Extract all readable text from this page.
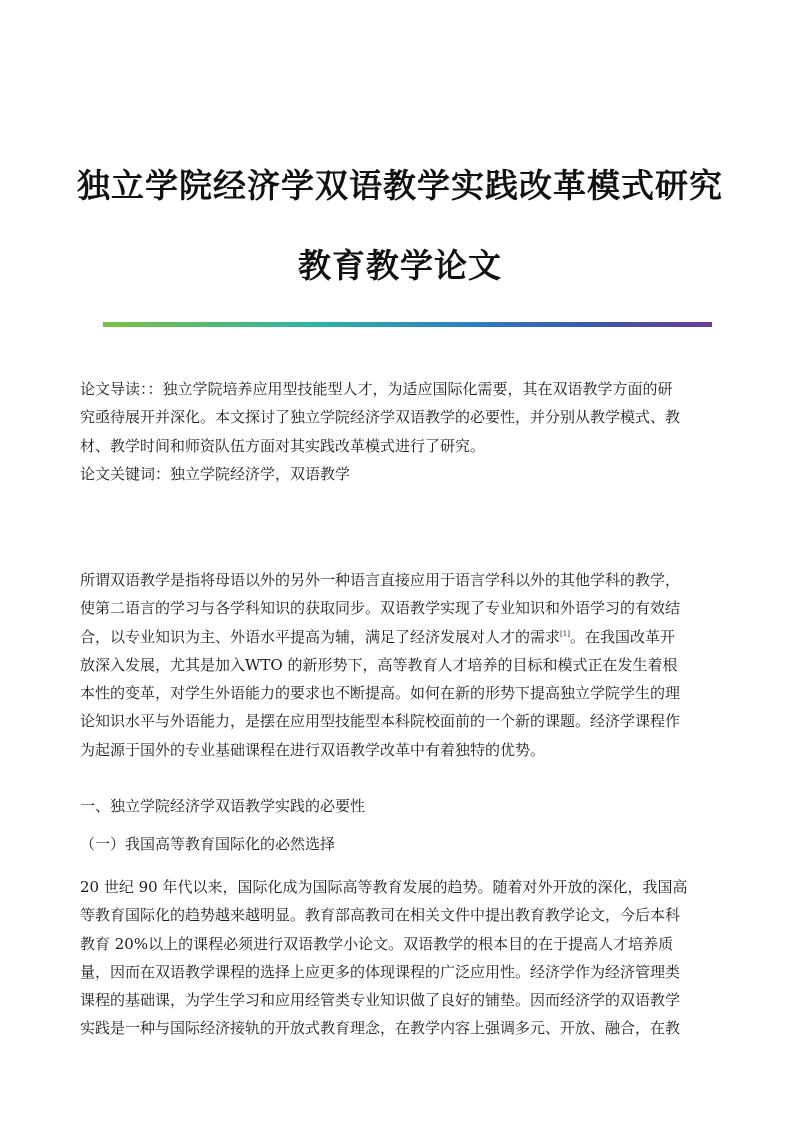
独立学院经济学双语教学实践改革模式研究
教育教学论文
论文导读：：独立学院培养应用型技能型人才，为适应国际化需要，其在双语教学方面的研
究亟待展开并深化。本文探讨了独立学院经济学双语教学的必要性，并分别从教学模式、教
材、教学时间和师资队伍方面对其实践改革模式进行了研究。
论文关键词：独立学院经济学，双语教学
所谓双语教学是指将母语以外的另外一种语言直接应用于语言学科以外的其他学科的教学，
使第二语言的学习与各学科知识的获取同步。双语教学实现了专业知识和外语学习的有效结
合，以专业知识为主、外语水平提高为辅，满足了经济发展对人才的需求[1]。在我国改革开
放深入发展，尤其是加入WTO 的新形势下，高等教育人才培养的目标和模式正在发生着根
本性的变革，对学生外语能力的要求也不断提高。如何在新的形势下提高独立学院学生的理
论知识水平与外语能力，是摆在应用型技能型本科院校面前的一个新的课题。经济学课程作
为起源于国外的专业基础课程在进行双语教学改革中有着独特的优势。
一、独立学院经济学双语教学实践的必要性
（一）我国高等教育国际化的必然选择
20 世纪 90 年代以来，国际化成为国际高等教育发展的趋势。随着对外开放的深化，我国高
等教育国际化的趋势越来越明显。教育部高教司在相关文件中提出教育教学论文，今后本科
教育 20%以上的课程必须进行双语教学小论文。双语教学的根本目的在于提高人才培养质
量，因而在双语教学课程的选择上应更多的体现课程的广泛应用性。经济学作为经济管理类
课程的基础课，为学生学习和应用经管类专业知识做了良好的铺垫。因而经济学的双语教学
实践是一种与国际经济接轨的开放式教育理念，在教学内容上强调多元、开放、融合，在教
